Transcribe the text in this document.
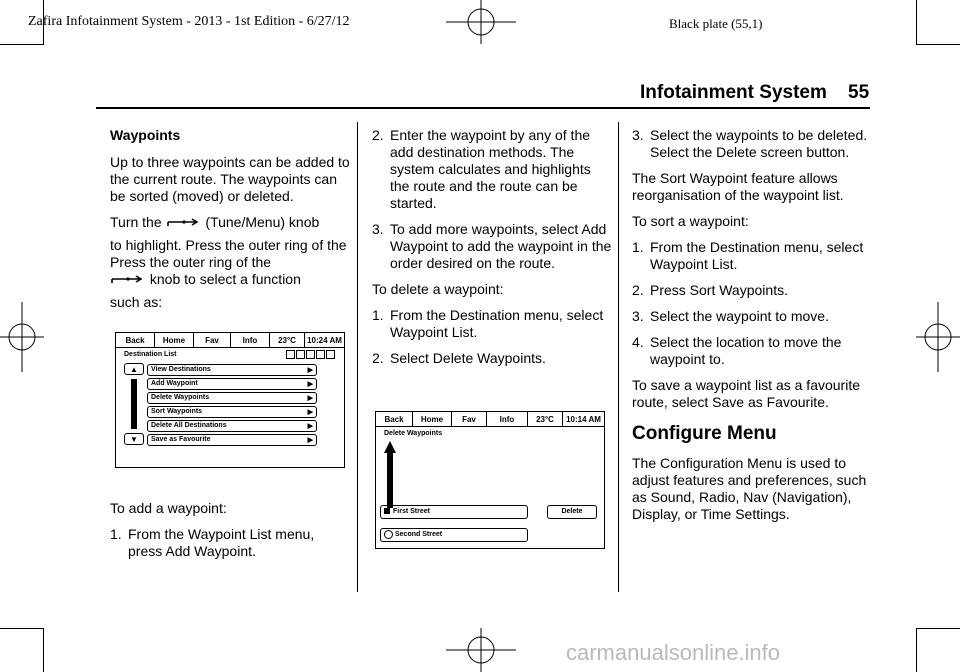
Zafira Infotainment System - 2013 - 1st Edition - 6/27/12	Black plate (55,1)
Infotainment System 55

Waypoints

Up to three waypoints can be added to the current route. The waypoints can be sorted (moved) or deleted.

Turn the	(Tune/Menu) knob

to highlight. Press the outer ring of the Press the outer ring of the

knob to select a function

such as:

Back	Home	Fav	Info	23°C	10:24 AM
Destination List
▲
▼
View Destinations	▶
Add Waypoint	▶
Delete Waypoints	▶
Sort Waypoints	▶
Delete All Destinations	▶
Save as Favourite	▶

To add a waypoint:

1. From the Waypoint List menu, press Add Waypoint.
2. Enter the waypoint by any of the add destination methods. The system calculates and highlights the route and the route can be started.
3. To add more waypoints, select Add Waypoint to add the waypoint in the order desired on the route.

To delete a waypoint:

1. From the Destination menu, select Waypoint List.
2. Select Delete Waypoints.
Back	Home	Fav	Info	23°C	10:14 AM
Delete Waypoints
First Street
Second Street
Delete
3. Select the waypoints to be deleted. Select the Delete screen button.

The Sort Waypoint feature allows reorganisation of the waypoint list.

To sort a waypoint:

1. From the Destination menu, select Waypoint List.
2. Press Sort Waypoints.
3. Select the waypoint to move.
4. Select the location to move the waypoint to.

To save a waypoint list as a favourite route, select Save as Favourite.

Configure Menu

The Configuration Menu is used to adjust features and preferences, such as Sound, Radio, Nav (Navigation), Display, or Time Settings.

carmanualsonline.info
